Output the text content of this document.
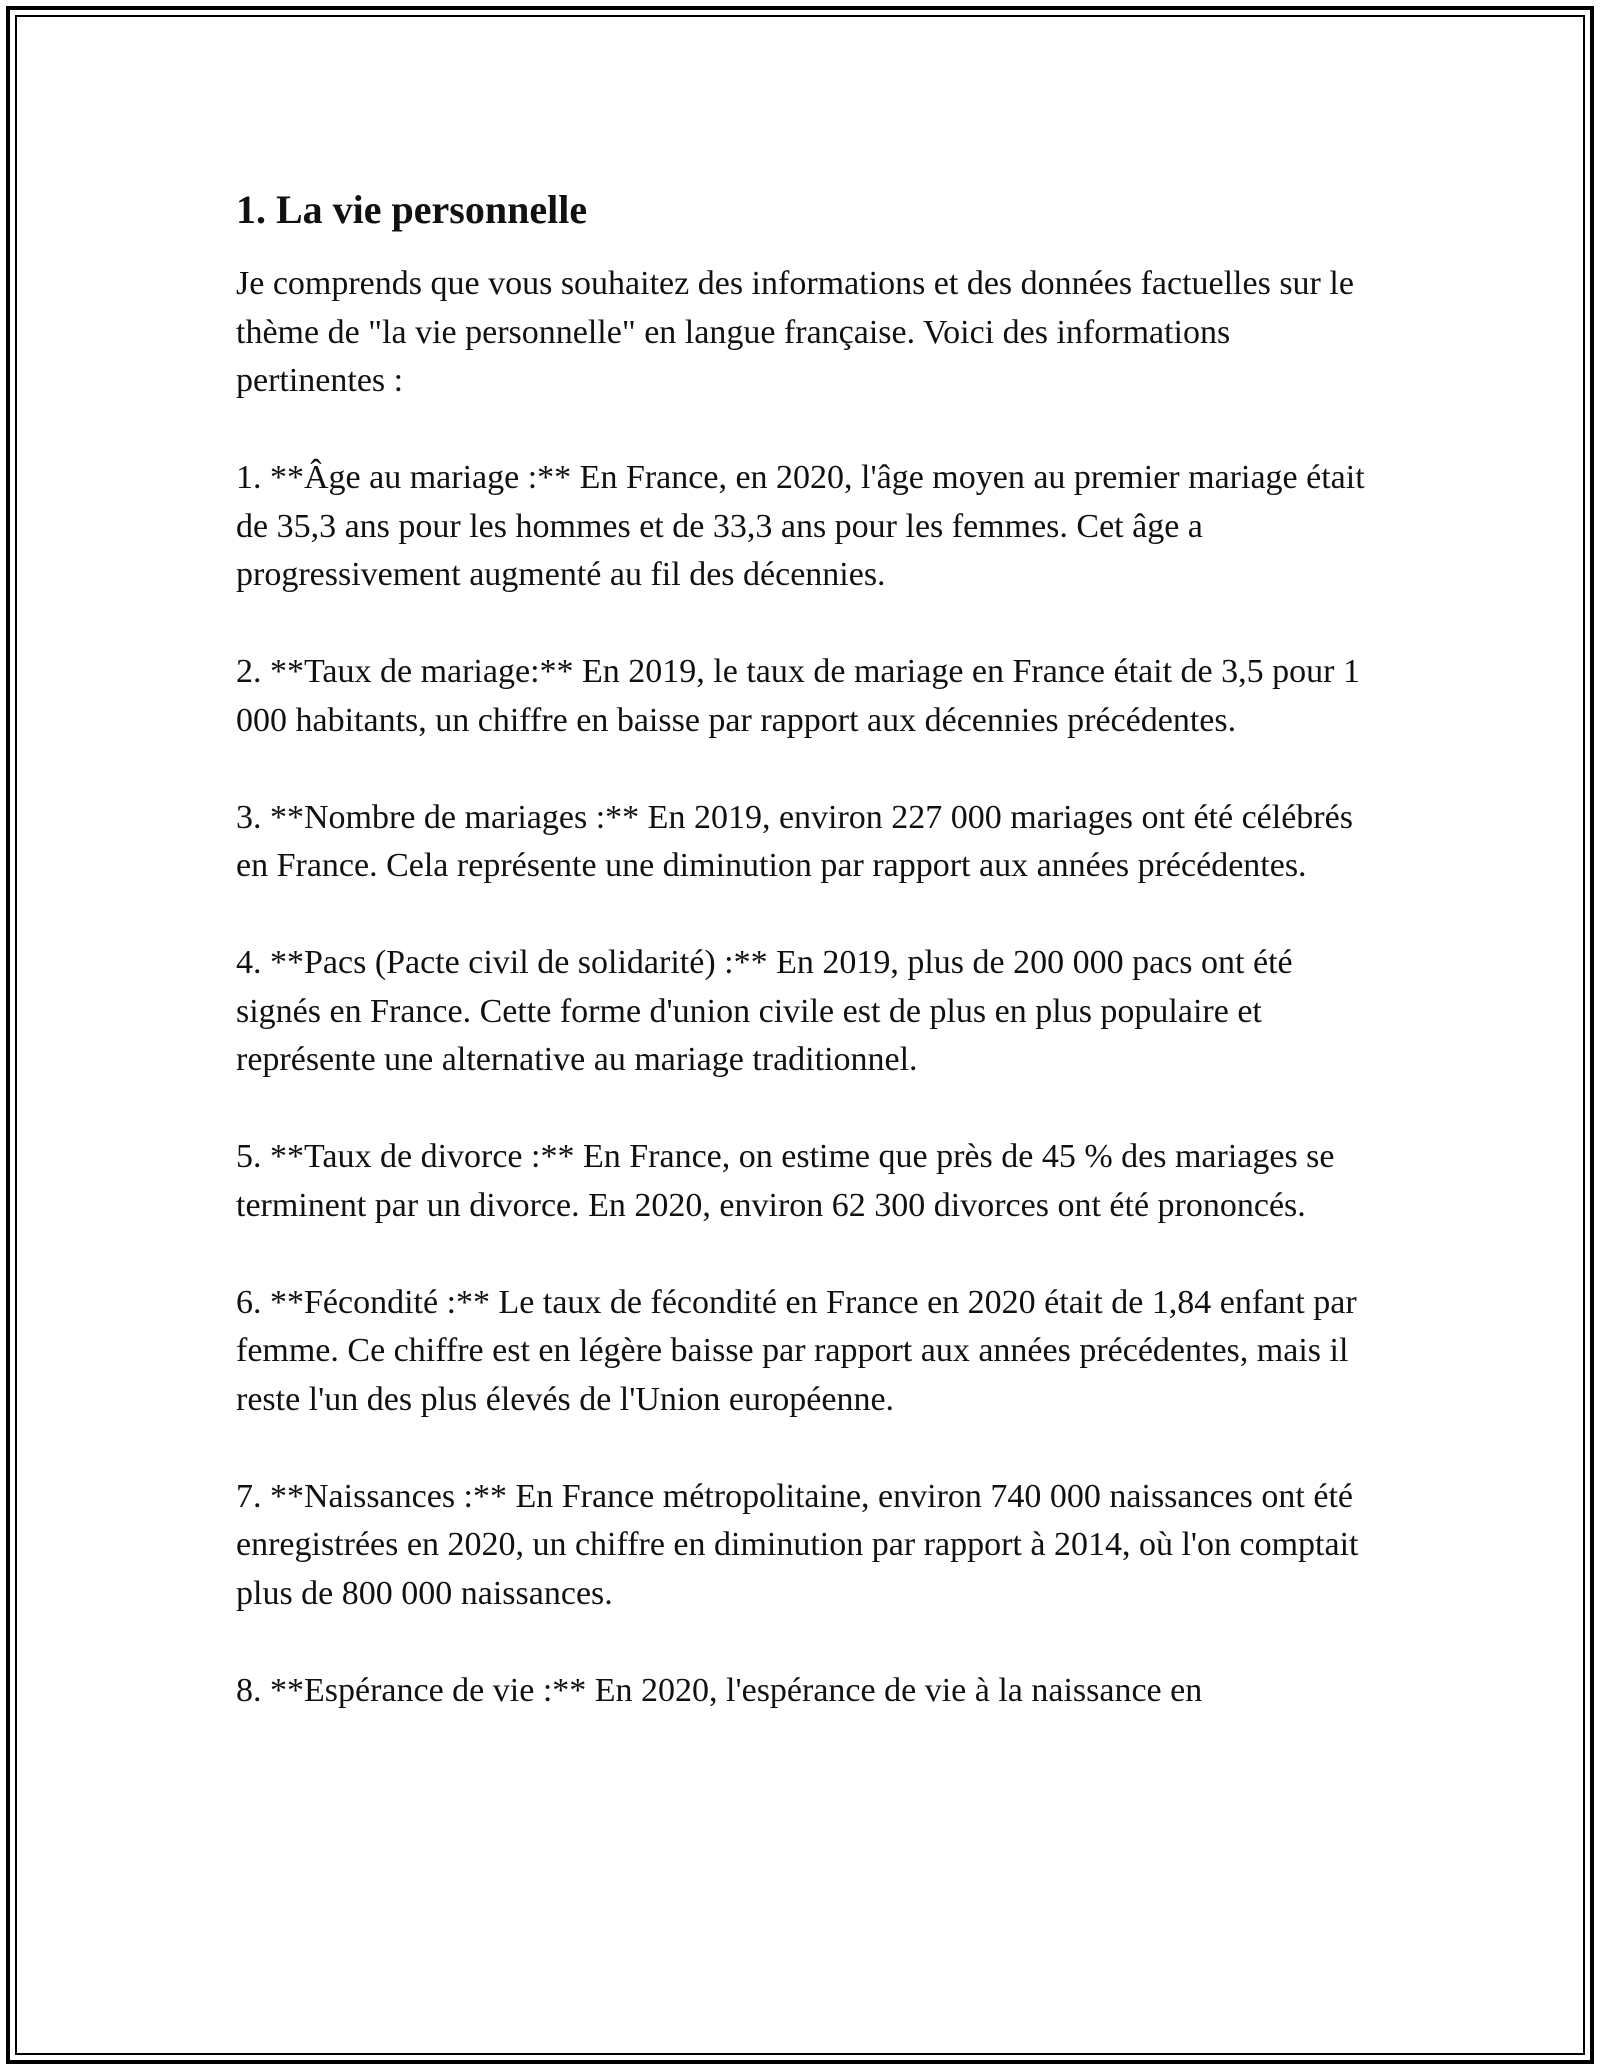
1. La vie personnelle

Je comprends que vous souhaitez des informations et des données factuelles sur le thème de "la vie personnelle" en langue française. Voici des informations pertinentes :

1. **Âge au mariage :** En France, en 2020, l'âge moyen au premier mariage était de 35,3 ans pour les hommes et de 33,3 ans pour les femmes. Cet âge a progressivement augmenté au fil des décennies.

2. **Taux de mariage:** En 2019, le taux de mariage en France était de 3,5 pour 1 000 habitants, un chiffre en baisse par rapport aux décennies précédentes.

3. **Nombre de mariages :** En 2019, environ 227 000 mariages ont été célébrés en France. Cela représente une diminution par rapport aux années précédentes.

4. **Pacs (Pacte civil de solidarité) :** En 2019, plus de 200 000 pacs ont été signés en France. Cette forme d'union civile est de plus en plus populaire et représente une alternative au mariage traditionnel.

5. **Taux de divorce :** En France, on estime que près de 45 % des mariages se terminent par un divorce. En 2020, environ 62 300 divorces ont été prononcés.

6. **Fécondité :** Le taux de fécondité en France en 2020 était de 1,84 enfant par femme. Ce chiffre est en légère baisse par rapport aux années précédentes, mais il reste l'un des plus élevés de l'Union européenne.

7. **Naissances :** En France métropolitaine, environ 740 000 naissances ont été enregistrées en 2020, un chiffre en diminution par rapport à 2014, où l'on comptait plus de 800 000 naissances.

8. **Espérance de vie :** En 2020, l'espérance de vie à la naissance en
